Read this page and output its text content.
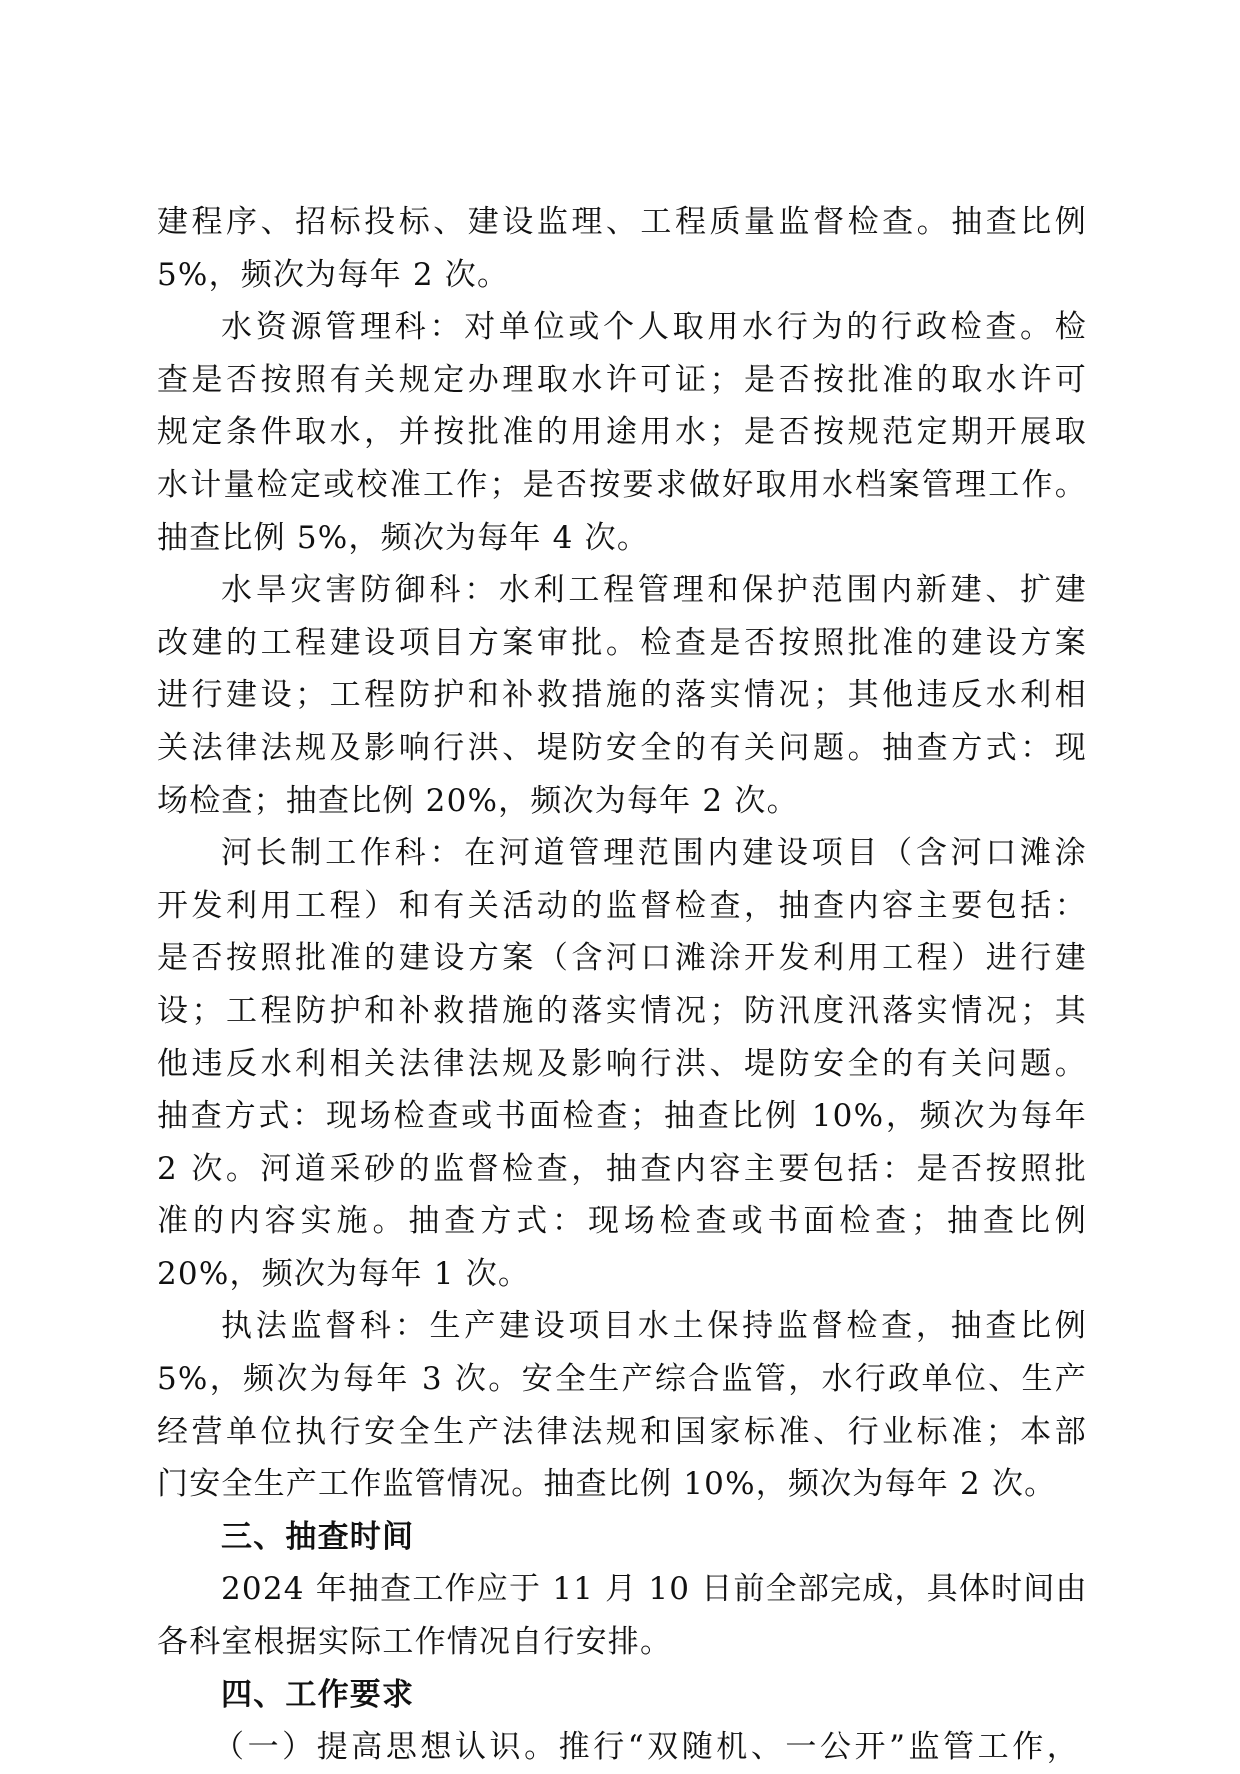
建程序、招标投标、建设监理、工程质量监督检查。抽查比例
5%，频次为每年 2 次。
水资源管理科：对单位或个人取用水行为的行政检查。检
查是否按照有关规定办理取水许可证；是否按批准的取水许可
规定条件取水，并按批准的用途用水；是否按规范定期开展取
水计量检定或校准工作；是否按要求做好取用水档案管理工作。
抽查比例 5%，频次为每年 4 次。
水旱灾害防御科：水利工程管理和保护范围内新建、扩建
改建的工程建设项目方案审批。检查是否按照批准的建设方案
进行建设；工程防护和补救措施的落实情况；其他违反水利相
关法律法规及影响行洪、堤防安全的有关问题。抽查方式：现
场检查；抽查比例 20%，频次为每年 2 次。
河长制工作科：在河道管理范围内建设项目（含河口滩涂
开发利用工程）和有关活动的监督检查，抽查内容主要包括：
是否按照批准的建设方案（含河口滩涂开发利用工程）进行建
设；工程防护和补救措施的落实情况；防汛度汛落实情况；其
他违反水利相关法律法规及影响行洪、堤防安全的有关问题。
抽查方式：现场检查或书面检查；抽查比例 10%，频次为每年
2 次。河道采砂的监督检查，抽查内容主要包括：是否按照批
准的内容实施。抽查方式：现场检查或书面检查；抽查比例
20%，频次为每年 1 次。
执法监督科：生产建设项目水土保持监督检查，抽查比例
5%，频次为每年 3 次。安全生产综合监管，水行政单位、生产
经营单位执行安全生产法律法规和国家标准、行业标准；本部
门安全生产工作监管情况。抽查比例 10%，频次为每年 2 次。
三、抽查时间
2024 年抽查工作应于 11 月 10 日前全部完成，具体时间由
各科室根据实际工作情况自行安排。
四、工作要求
（一）提高思想认识。推行“双随机、一公开”监管工作，
